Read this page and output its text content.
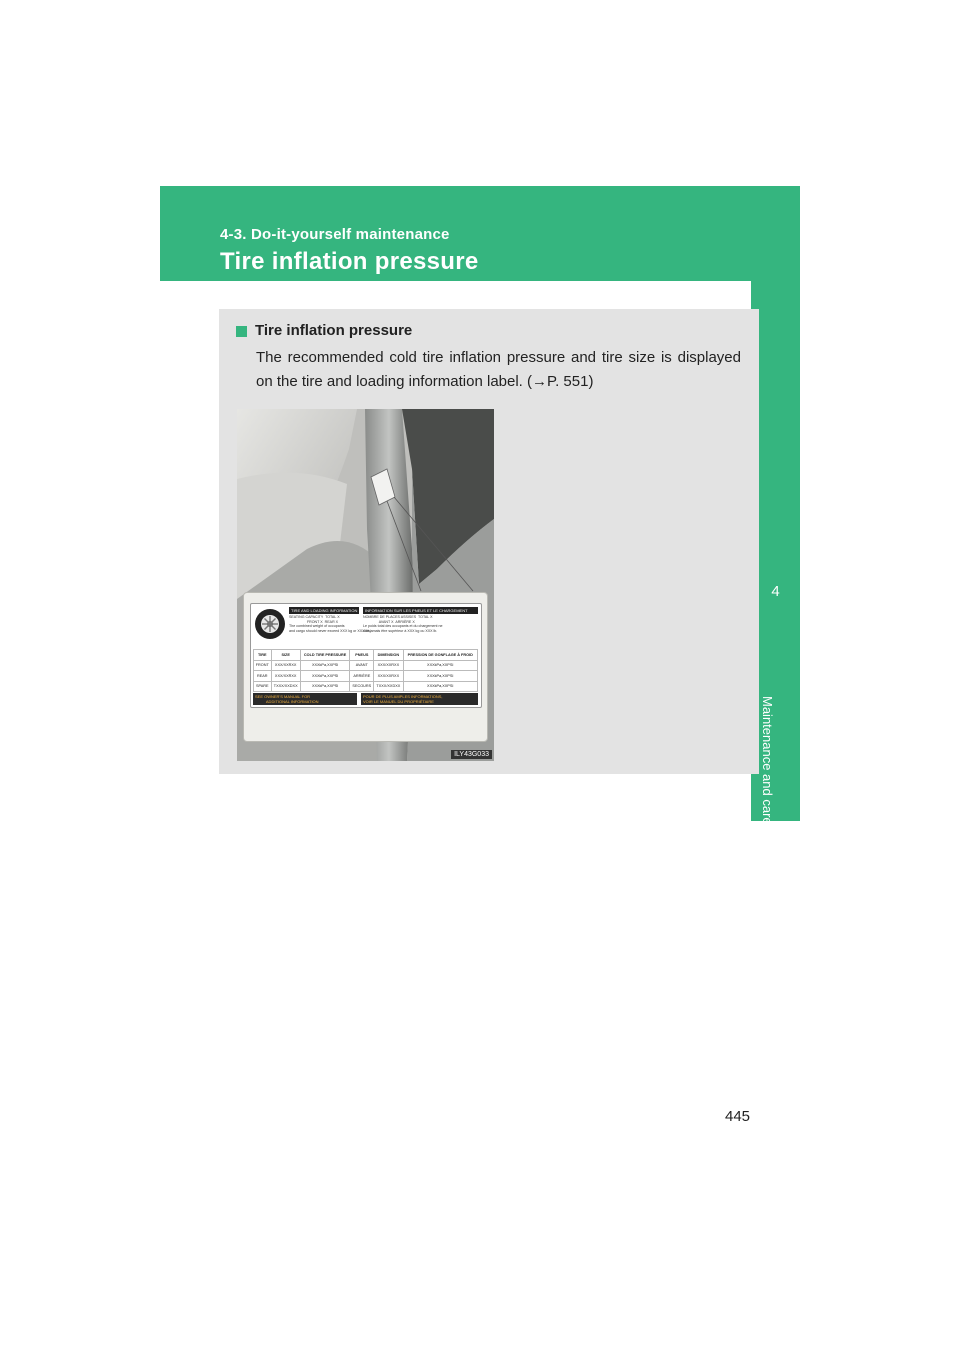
4-3. Do-it-yourself maintenance
Tire inflation pressure
4
Maintenance and care
Tire inflation pressure
The recommended cold tire inflation pressure and tire size is displayed on the tire and loading information label. (→P. 551)
TIRE AND LOADING INFORMATION
SEATING CAPACITY  TOTAL X
FRONT X  REAR X
The combined weight of occupants
and cargo should never exceed XXX kg or XXX lbs.
INFORMATION SUR LES PNEUS ET LE CHARGEMENT
NOMBRE DE PLACES ASSISES  TOTAL X
AVANT X  ARRIÈRE X
Le poids total des occupants et du chargement ne
doit jamais être supérieur à XXX kg ou XXX lb.
TIRE	SIZE	COLD TIRE PRESSURE	PNEUS	DIMENSION	PRESSION DE GONFLAGE À FROID
FRONT	XXX/XXRXX	XXXkPa,XXPSI	AVANT	XXX/XXRXX	XXXkPa,XXPSI
REAR	XXX/XXRXX	XXXkPa,XXPSI	ARRIÈRE	XXX/XXRXX	XXXkPa,XXPSI
SPARE	TXXX/XXDXX	XXXkPa,XXPSI	SECOURS	TXXX/XXDXX	XXXkPa,XXPSI
SEE OWNER'S MANUAL FOR
ADDITIONAL INFORMATION
POUR DE PLUS AMPLES INFORMATIONS,
VOIR LE MANUEL DU PROPRIÉTAIRE
ILY43G033
445
